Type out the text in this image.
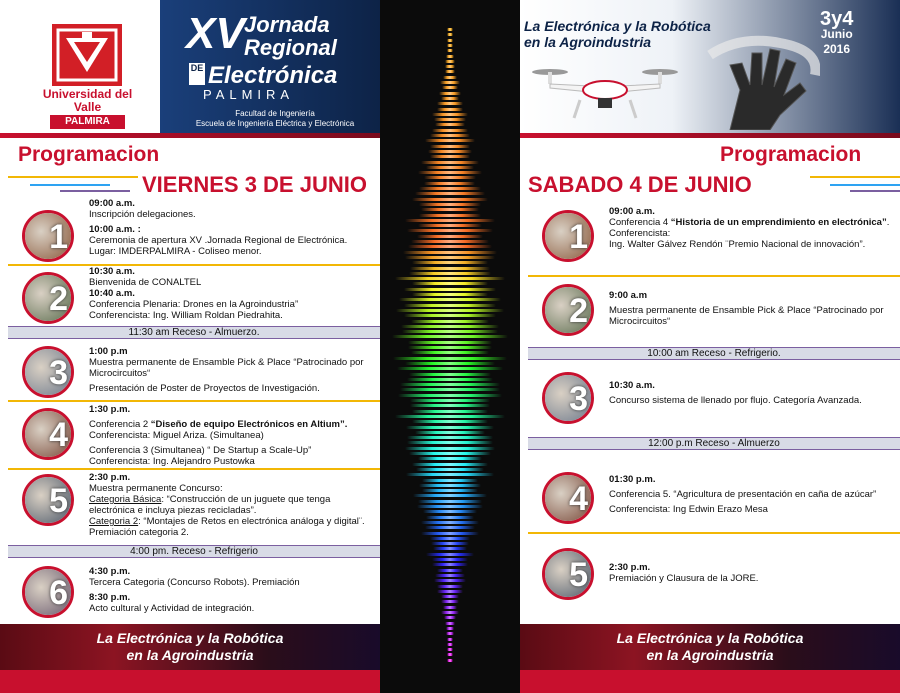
Universidad del Valle
PALMIRA
XV Jornada
Regional
DE Electrónica
PALMIRA
Facultad de Ingeniería
Escuela de Ingeniería Eléctrica y Electrónica
Programacion
VIERNES 3 DE JUNIO
1
09:00 a.m.
Inscripción delegaciones.
10:00 a.m. :
Ceremonia de apertura XV .Jornada Regional de Electrónica.
Lugar: IMDERPALMIRA - Coliseo menor.
2
10:30 a.m.
Bienvenida de CONALTEL
10:40 a.m.
Conferencia Plenaria: Drones en la Agroindustria”
Conferencista: Ing. William Roldan Piedrahita.
3
1:00 p.m
Muestra permanente de Ensamble Pick & Place “Patrocinado por Microcircuitos“
Presentación de Poster de Proyectos de Investigación.
4
1:30 p.m.
Conferencia 2 “Diseño de equipo Electrónicos en Altium”.
Conferencista: Miguel Ariza. (Simultanea)
Conferencia 3 (Simultanea) “ De Startup a Scale-Up”
Conferencista: Ing. Alejandro Pustowka
5
2:30 p.m.
Muestra permanente Concurso:
Categoria Básica: “Construcción de un juguete que tenga electrónica e incluya piezas recicladas”.
Categoria 2: “Montajes de Retos en electrónica análoga y digital¨.
Premiación categoria 2.
6
4:30 p.m.
Tercera Categoria (Concurso Robots). Premiación
8:30 p.m.
Acto cultural y Actividad de integración.
11:30 am Receso - Almuerzo.
4:00 pm. Receso - Refrigerio
La Electrónica y la Robótica
en la Agroindustria
La Electrónica y la Robótica
en la Agroindustria
3y4
Junio
2016
Programacion
SABADO 4 DE JUNIO
1
09:00 a.m.
Conferencia 4 “Historia de un emprendimiento en electrónica”.
Conferencista:
Ing. Walter Gálvez Rendón ¨Premio Nacional de innovación”.
2 9:00 a.m
Muestra permanente de Ensamble Pick & Place “Patrocinado por Microcircuitos“
3 10:30 a.m.
Concurso sistema de llenado por flujo. Categoría Avanzada.
4
01:30 p.m.
Conferencia 5. “Agricultura de presentación en caña de azúcar”
Conferencista: Ing Edwin Erazo Mesa
5 2:30 p.m.
Premiación y Clausura de la JORE.
10:00 am Receso - Refrigerio.
12:00 p.m Receso - Almuerzo
La Electrónica y la Robótica
en la Agroindustria
